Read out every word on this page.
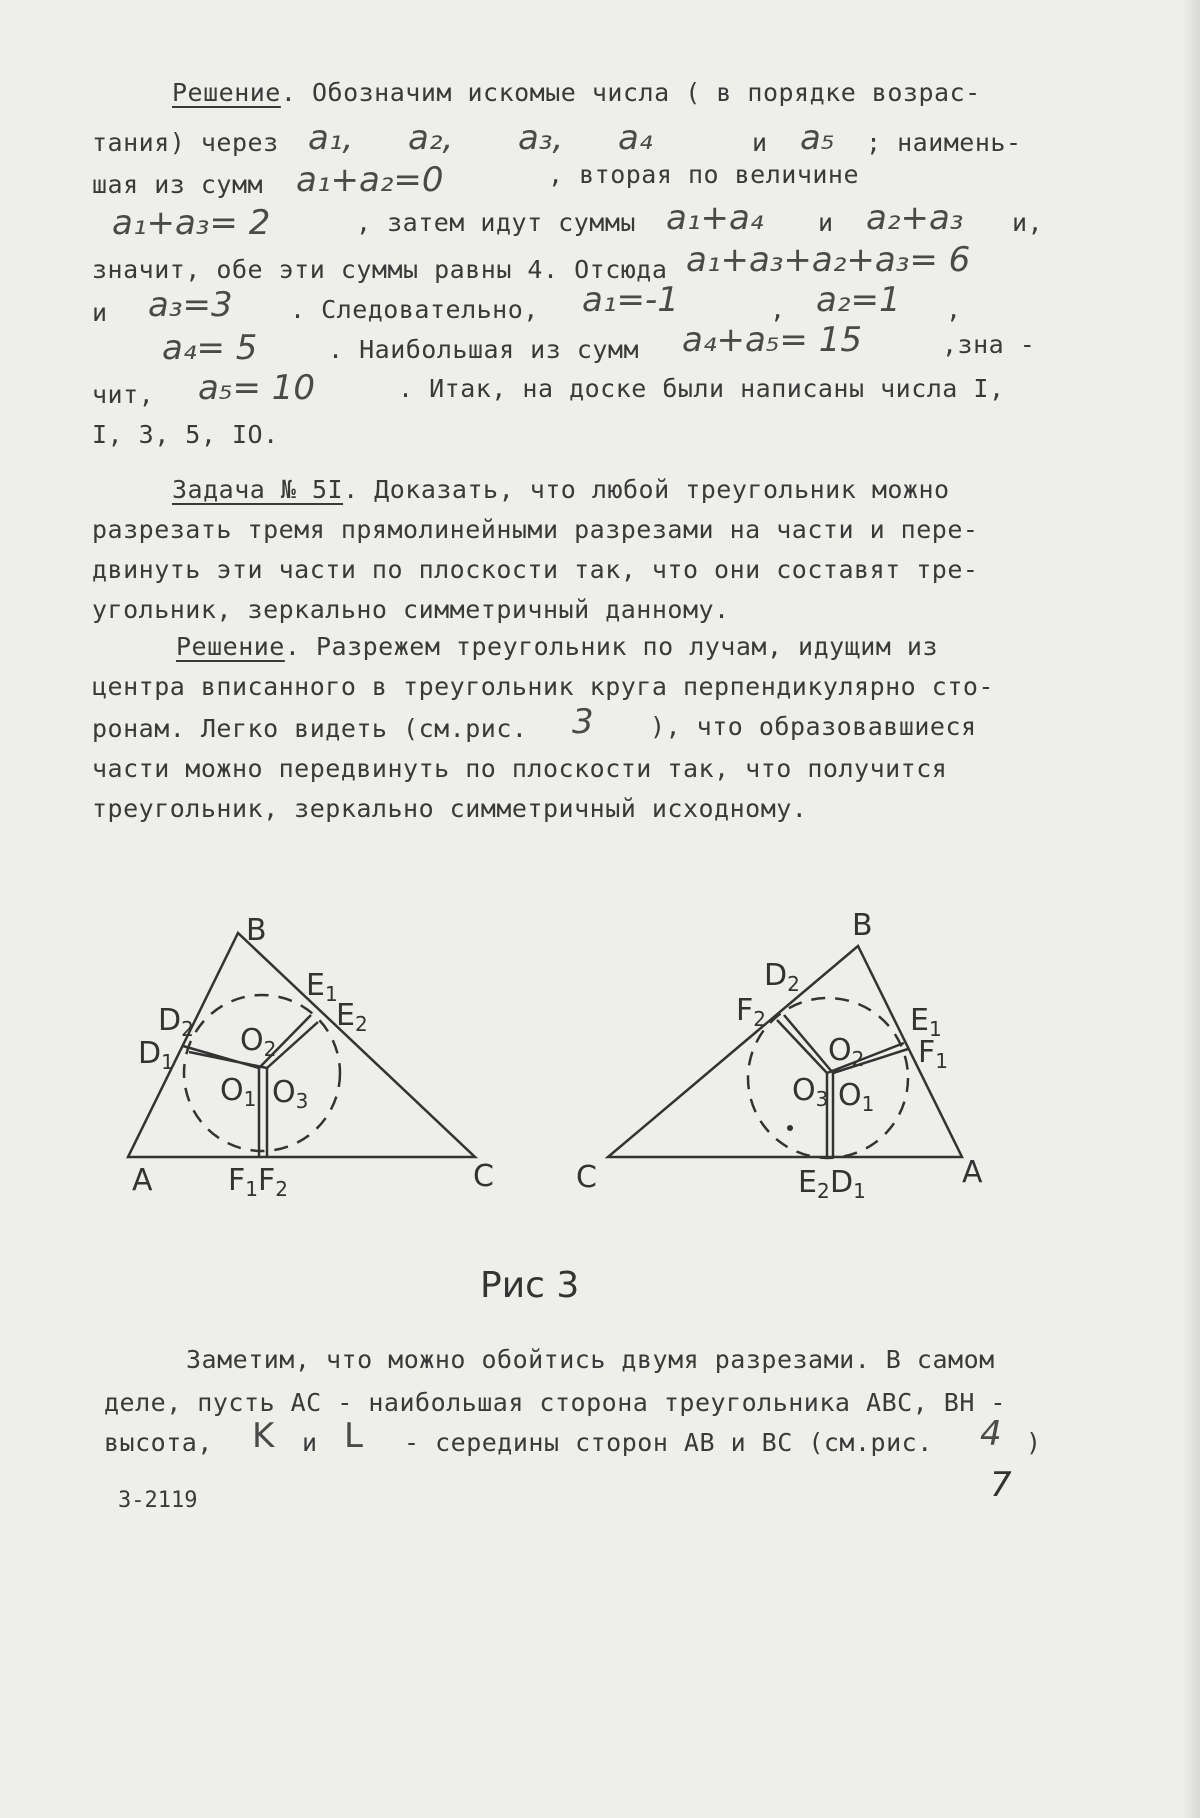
Решение. Обозначим искомые числа ( в порядке возрас-
тания) через a₁, a₂, a₃, a₄	и a₅ ; наимень-
шая из сумм a₁+a₂=0	, вторая по величине
a₁+a₃= 2	, затем идут суммы a₁+a₄ и a₂+a₃ и,
значит, обе эти суммы равны 4. Отсюда a₁+a₃+a₂+a₃= 6
и a₃=3 . Следовательно, a₁=-1	, a₂=1 ,
a₄= 5	. Наибольшая из сумм a₄+a₅= 15	,зна -
чит, a₅= 10	. Итак, на доске были написаны числа I,
I, 3, 5, IO.
Задача № 5I. Доказать, что любой треугольник можно
разрезать тремя прямолинейными разрезами на части и пере-
двинуть эти части по плоскости так, что они составят тре-
угольник, зеркально симметричный данному.
Решение. Разрежем треугольник по лучам, идущим из
центра вписанного в треугольник круга перпендикулярно сто-
ронам. Легко видеть (см.рис. 3 ), что образовавшиеся
части можно передвинуть по плоскости так, что получится
треугольник, зеркально симметричный исходному.
A
B
C
D2
D1
E1
E2
O2
O1 O3
F1 F2	C
B
A
D2
F2	E1
F1
O2
O3 O1
E2 D1
Рис 3
Заметим, что можно обойтись двумя разрезами. В самом
деле, пусть AC - наибольшая сторона треугольника ABC, BH -
высота, K и L - середины сторон AB и BC (см.рис. 4 )
7
3-2119
